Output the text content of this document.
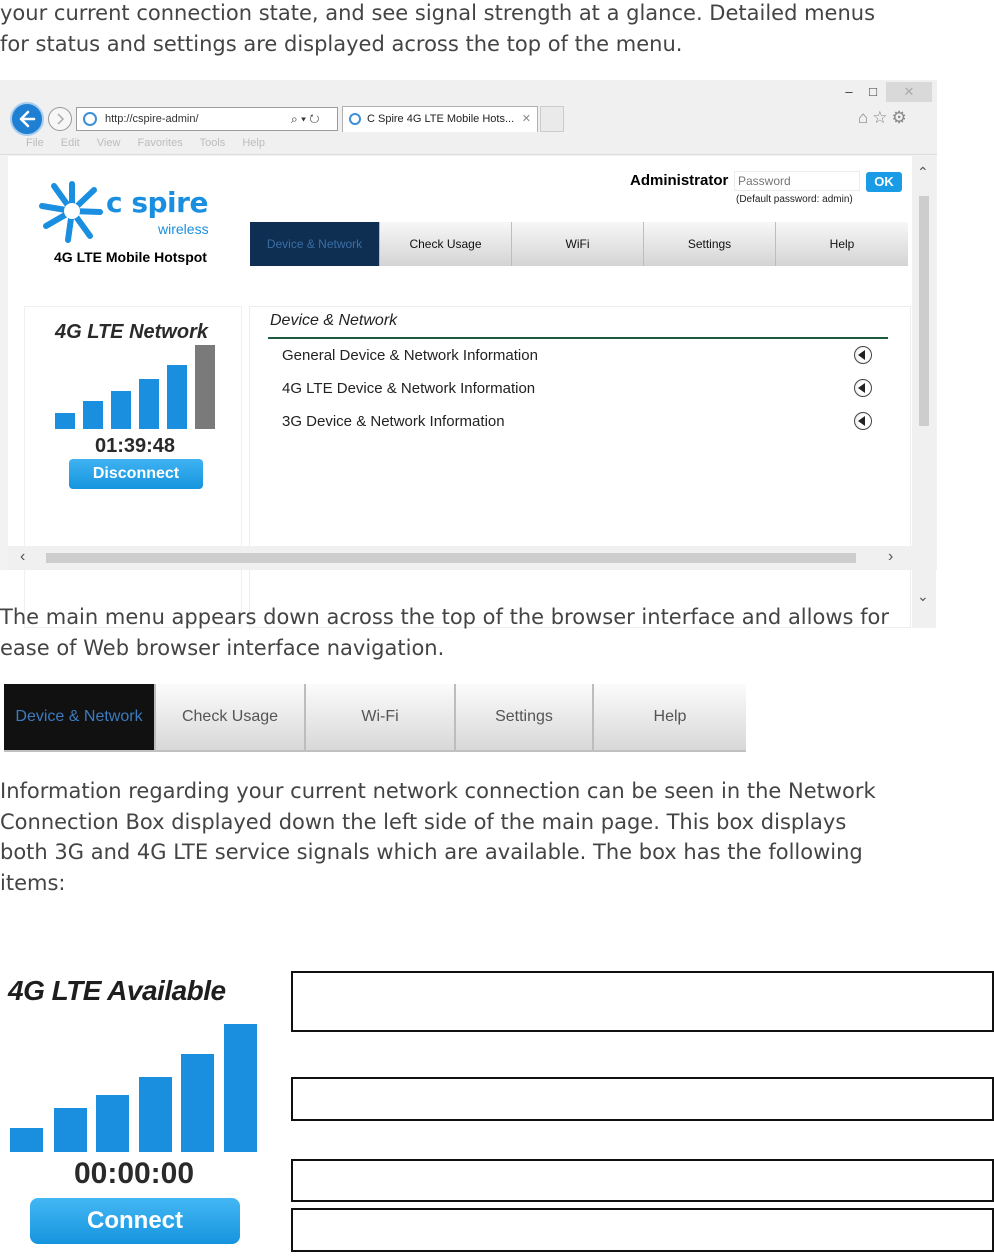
your current connection state, and see signal strength at a glance. Detailed menus
for status and settings are displayed across the top of the menu.
–	□	✕
http://cspire-admin/	⌕ ▾ ↻	C Spire 4G LTE Mobile Hots... ✕	⌂☆⚙
File Edit View Favorites Tools Help
c spire
wireless
4G LTE Mobile Hotspot
Administrator
Password	OK
(Default password: admin)
Device & Network	Check Usage	WiFi	Settings	Help
4G LTE Network
01:39:48
Disconnect
Device & Network
General Device & Network Information
4G LTE Device & Network Information
3G Device & Network Information
⌃
⌄
‹	›
The main menu appears down across the top of the browser interface and allows for
ease of Web browser interface navigation.
Device & Network	Check Usage	Wi-Fi	Settings	Help
Information regarding your current network connection can be seen in the Network
Connection Box displayed down the left side of the main page. This box displays
both 3G and 4G LTE service signals which are available. The box has the following
items:
4G LTE Available
00:00:00
Connect
